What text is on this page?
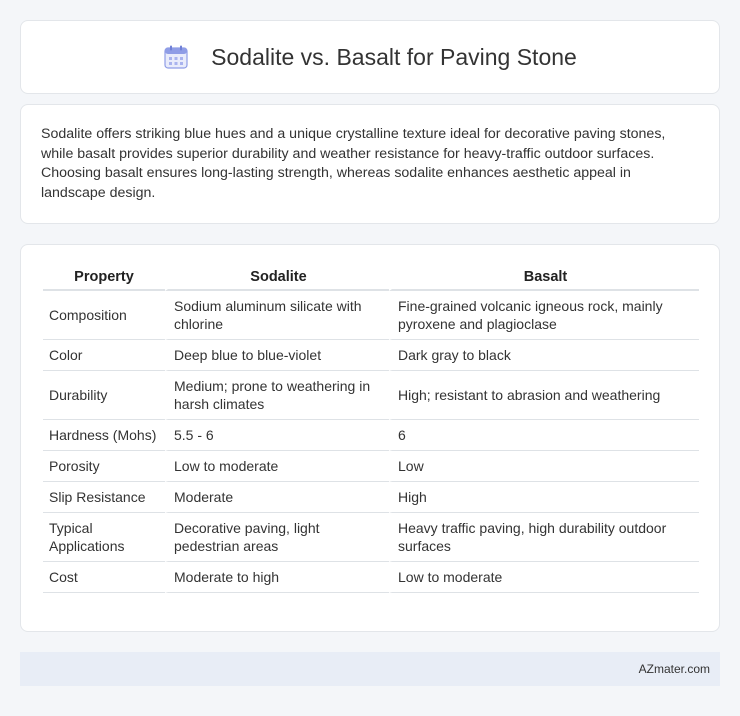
Sodalite vs. Basalt for Paving Stone

Sodalite offers striking blue hues and a unique crystalline texture ideal for decorative paving stones, while basalt provides superior durability and weather resistance for heavy-traffic outdoor surfaces. Choosing basalt ensures long-lasting strength, whereas sodalite enhances aesthetic appeal in landscape design.

Property	Sodalite	Basalt
Composition	Sodium aluminum silicate with chlorine	Fine-grained volcanic igneous rock, mainly pyroxene and plagioclase
Color	Deep blue to blue-violet	Dark gray to black
Durability	Medium; prone to weathering in harsh climates	High; resistant to abrasion and weathering
Hardness (Mohs)	5.5 - 6	6
Porosity	Low to moderate	Low
Slip Resistance	Moderate	High
Typical Applications	Decorative paving, light pedestrian areas	Heavy traffic paving, high durability outdoor surfaces
Cost	Moderate to high	Low to moderate
AZmater.com
